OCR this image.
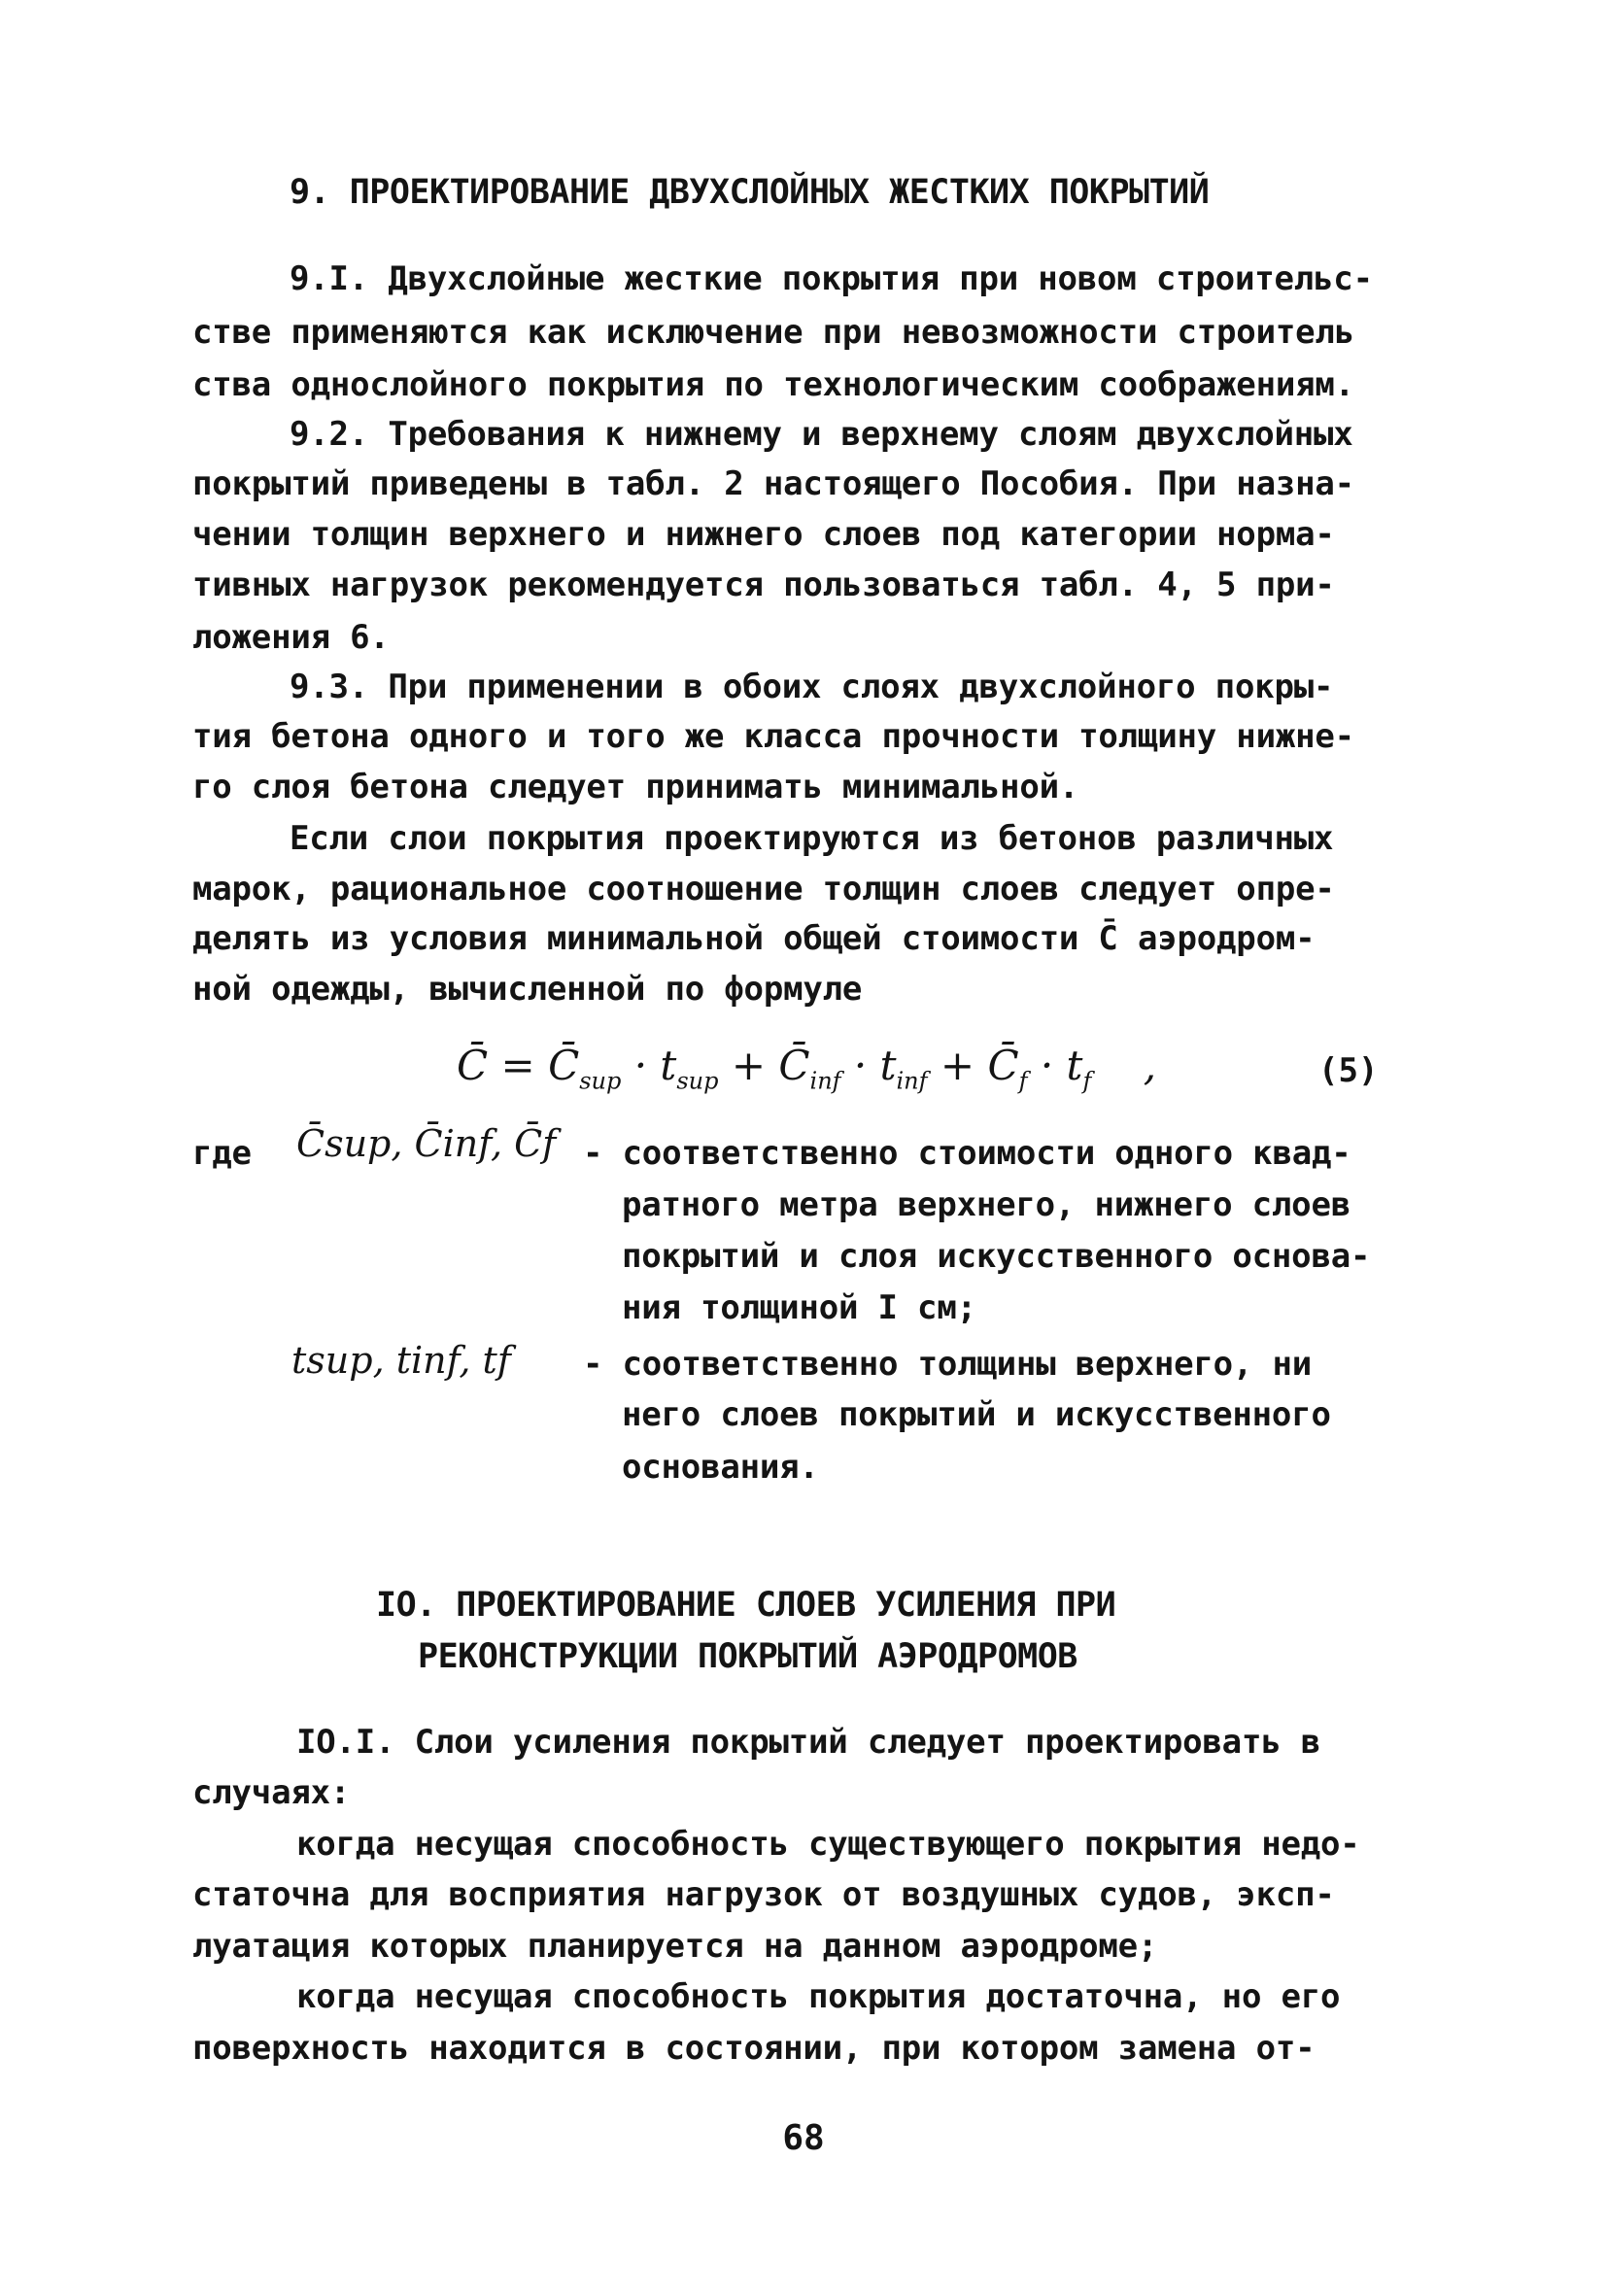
9. ПРОЕКТИРОВАНИЕ ДВУХСЛОЙНЫХ ЖЕСТКИХ ПОКРЫТИЙ
9.I. Двухслойные жесткие покрытия при новом строительс-
стве применяются как исключение при невозможности строитель
ства однослойного покрытия по технологическим соображениям.
9.2. Требования к нижнему и верхнему слоям двухслойных
покрытий приведены в табл. 2 настоящего Пособия. При назна-
чении толщин верхнего и нижнего слоев под категории норма-
тивных нагрузок рекомендуется пользоваться табл. 4, 5 при-
ложения 6.
9.3. При применении в обоих слоях двухслойного покры-
тия бетона одного и того же класса прочности толщину нижне-
го слоя бетона следует принимать минимальной.
Если слои покрытия проектируются из бетонов различных
марок, рациональное соотношение толщин слоев следует опре-
делять из условия минимальной общей стоимости C̄ аэродром-
ной одежды, вычисленной по формуле
C̄ = $C̄_{sup} \cdot t_{sup}$ + $C̄_{inf} \cdot t_{inf}$ + $C̄_f \cdot t_f$ ,	(5)
где C̄sup, C̄inf, C̄f - соответственно стоимости одного квад-
ратного метра верхнего, нижнего слоев
покрытий и слоя искусственного основа-
ния толщиной I см;
tsup, tinf, tf - соответственно толщины верхнего, ни
него слоев покрытий и искусственного
основания.
IO. ПРОЕКТИРОВАНИЕ СЛОЕВ УСИЛЕНИЯ ПРИ
РЕКОНСТРУКЦИИ ПОКРЫТИЙ АЭРОДРОМОВ
IO.I. Слои усиления покрытий следует проектировать в
случаях:
когда несущая способность существующего покрытия недо-
статочна для восприятия нагрузок от воздушных судов, эксп-
луатация которых планируется на данном аэродроме;
когда несущая способность покрытия достаточна, но его
поверхность находится в состоянии, при котором замена от-
68
